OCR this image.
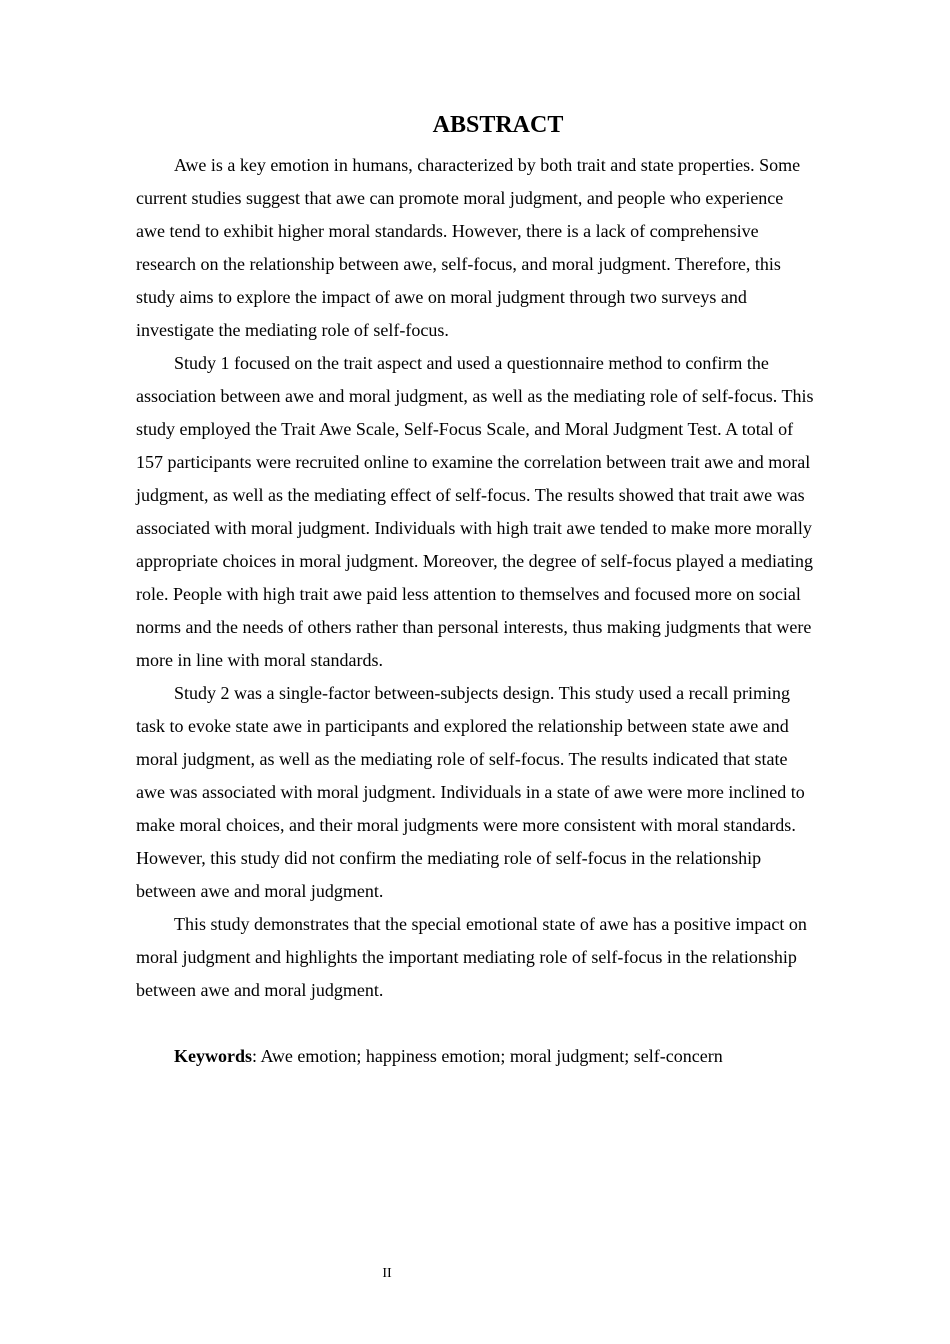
ABSTRACT

Awe is a key emotion in humans, characterized by both trait and state properties. Some
current studies suggest that awe can promote moral judgment, and people who experience
awe tend to exhibit higher moral standards. However, there is a lack of comprehensive
research on the relationship between awe, self-focus, and moral judgment. Therefore, this
study aims to explore the impact of awe on moral judgment through two surveys and
investigate the mediating role of self-focus.

Study 1 focused on the trait aspect and used a questionnaire method to confirm the
association between awe and moral judgment, as well as the mediating role of self-focus. This
study employed the Trait Awe Scale, Self-Focus Scale, and Moral Judgment Test. A total of
157 participants were recruited online to examine the correlation between trait awe and moral
judgment, as well as the mediating effect of self-focus. The results showed that trait awe was
associated with moral judgment. Individuals with high trait awe tended to make more morally
appropriate choices in moral judgment. Moreover, the degree of self-focus played a mediating
role. People with high trait awe paid less attention to themselves and focused more on social
norms and the needs of others rather than personal interests, thus making judgments that were
more in line with moral standards.

Study 2 was a single-factor between-subjects design. This study used a recall priming
task to evoke state awe in participants and explored the relationship between state awe and
moral judgment, as well as the mediating role of self-focus. The results indicated that state
awe was associated with moral judgment. Individuals in a state of awe were more inclined to
make moral choices, and their moral judgments were more consistent with moral standards.
However, this study did not confirm the mediating role of self-focus in the relationship
between awe and moral judgment.

This study demonstrates that the special emotional state of awe has a positive impact on
moral judgment and highlights the important mediating role of self-focus in the relationship
between awe and moral judgment.

Keywords: Awe emotion; happiness emotion; moral judgment; self-concern

II
